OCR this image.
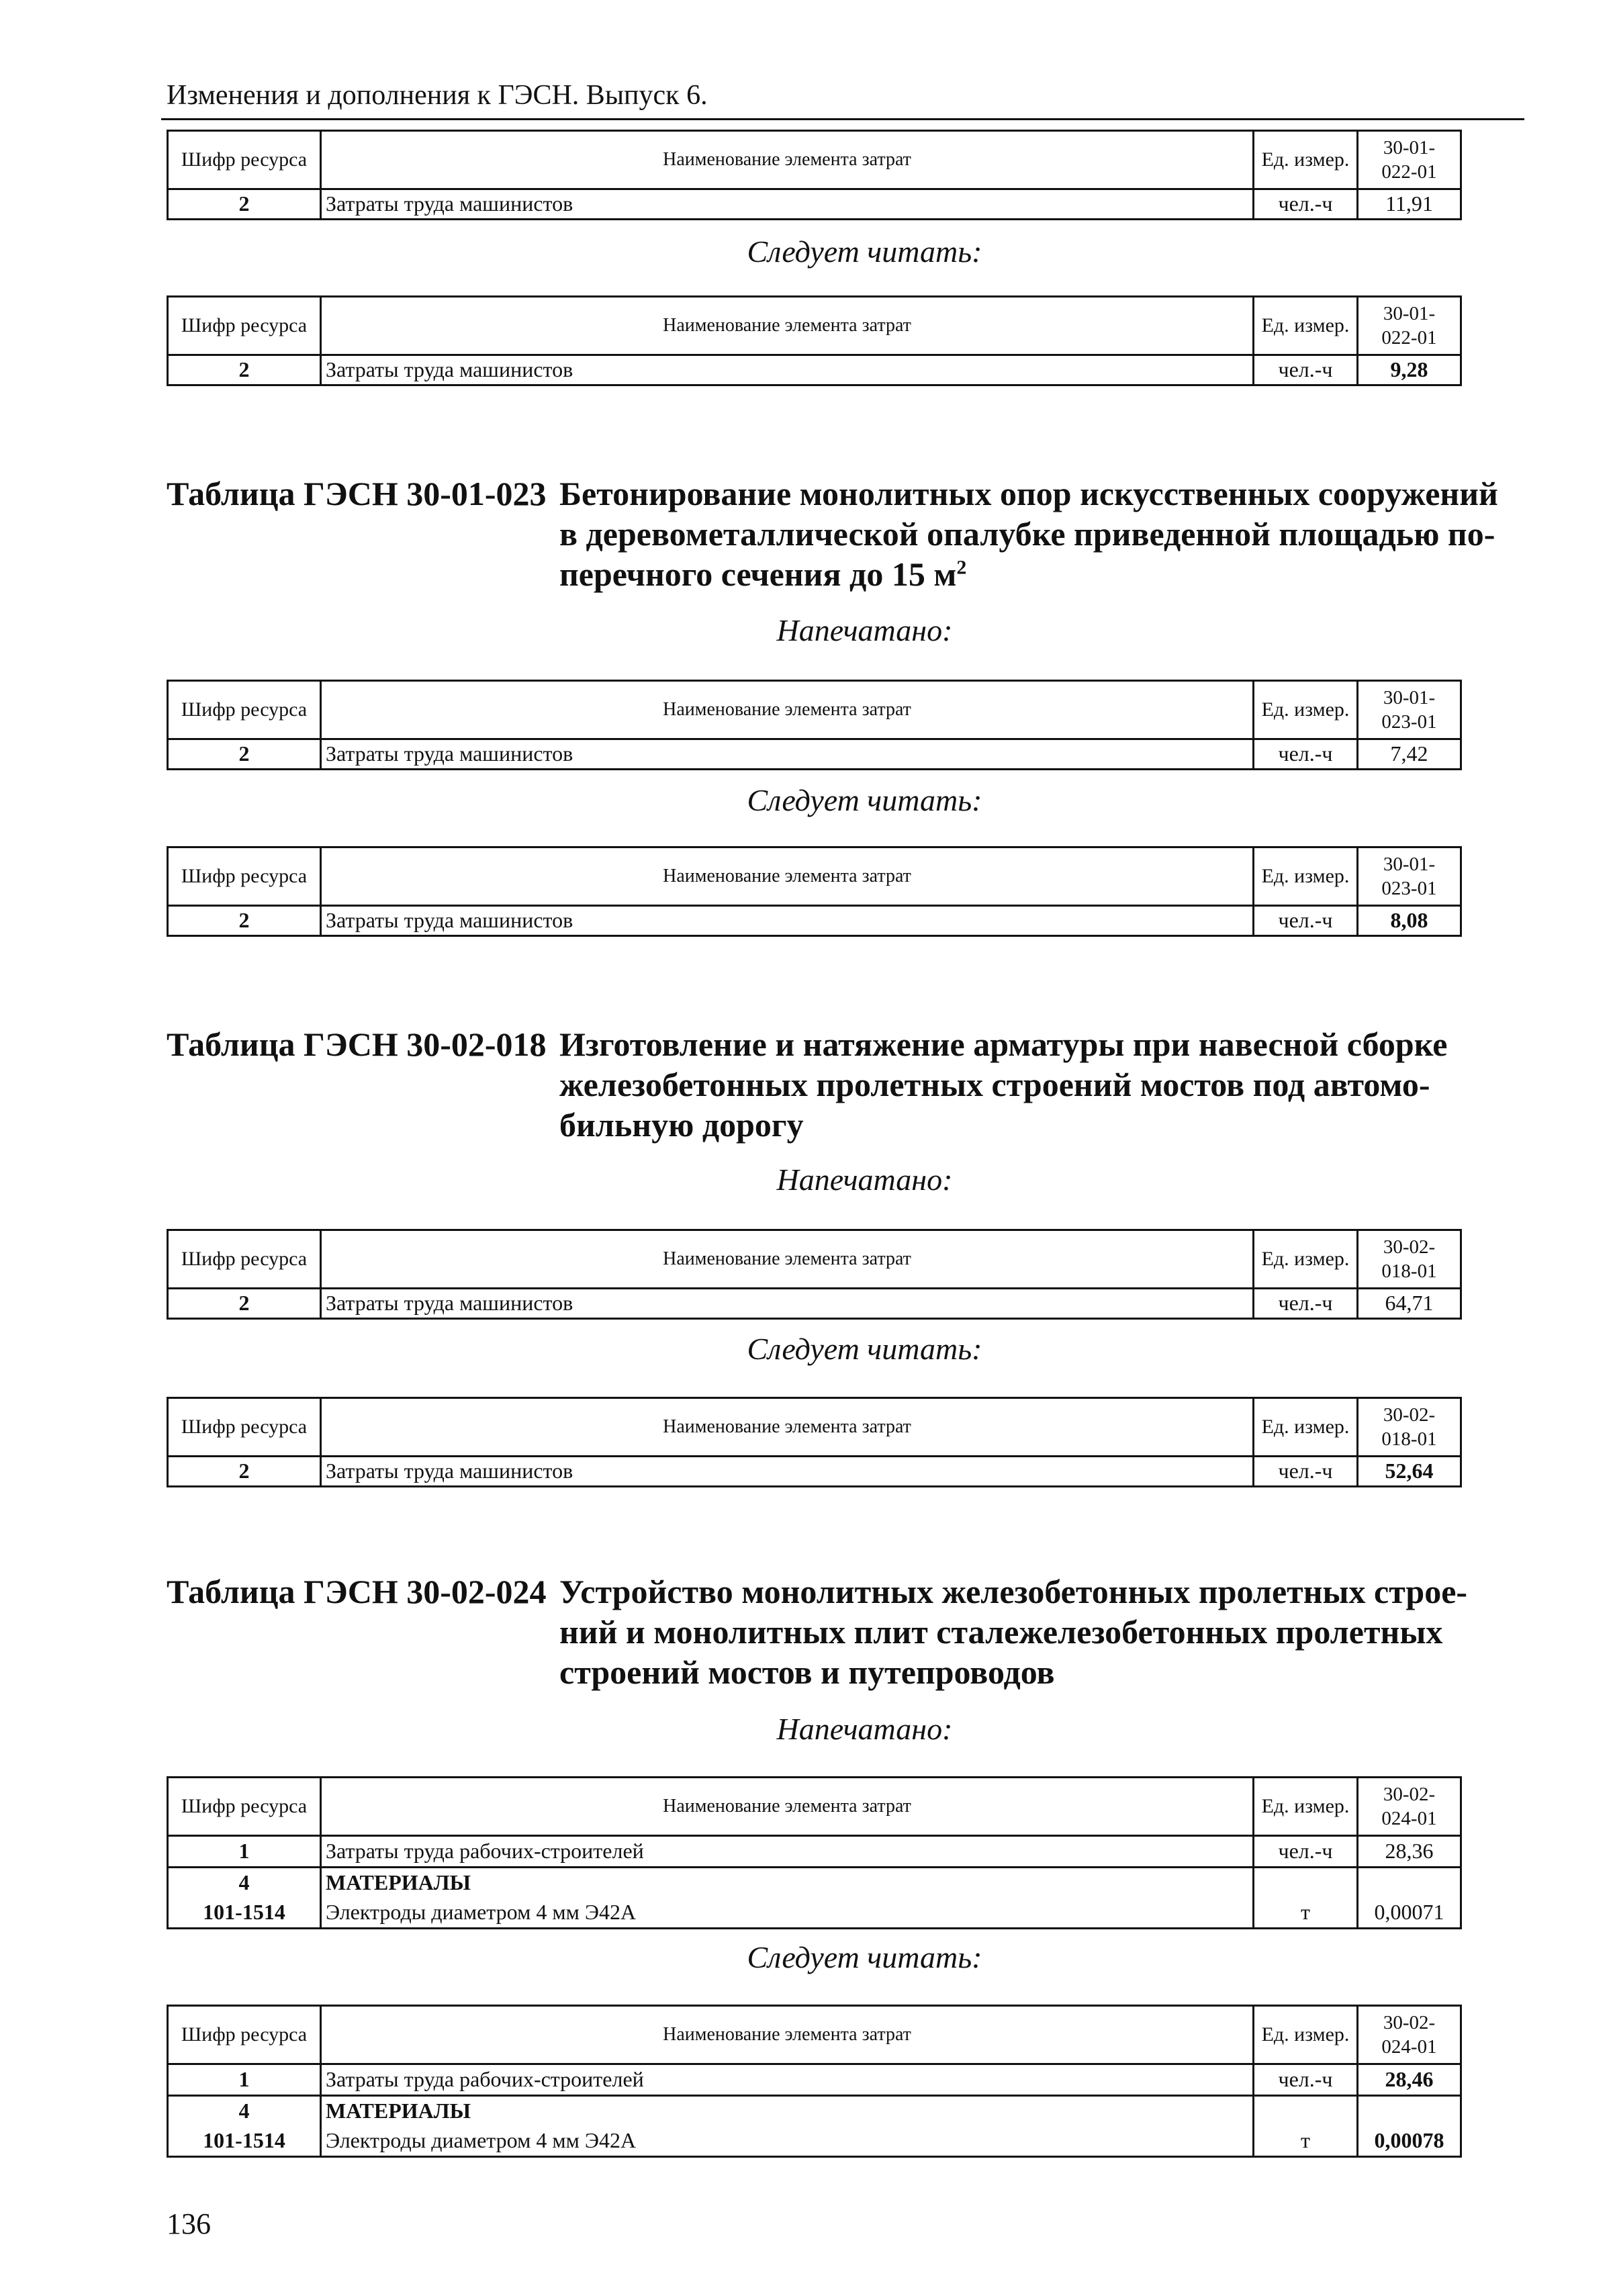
Изменения и дополнения к ГЭСН. Выпуск 6.
Шифр ресурса	Наименование элемента затрат	Ед. измер.	30-01-
022-01
2	Затраты труда машинистов	чел.-ч	11,91
Следует читать:
Шифр ресурса	Наименование элемента затрат	Ед. измер.	30-01-
022-01
2	Затраты труда машинистов	чел.-ч	9,28
Таблица ГЭСН 30-01-023 Бетонирование монолитных опор искусственных сооружений
в деревометаллической опалубке приведенной площадью по-
перечного сечения до 15 $м^2$
Напечатано:
Шифр ресурса	Наименование элемента затрат	Ед. измер.	30-01-
023-01
2	Затраты труда машинистов	чел.-ч	7,42
Следует читать:
Шифр ресурса	Наименование элемента затрат	Ед. измер.	30-01-
023-01
2	Затраты труда машинистов	чел.-ч	8,08
Таблица ГЭСН 30-02-018 Изготовление и натяжение арматуры при навесной сборке
железобетонных пролетных строений мостов под автомо-
бильную дорогу
Напечатано:
Шифр ресурса	Наименование элемента затрат	Ед. измер.	30-02-
018-01
2	Затраты труда машинистов	чел.-ч	64,71
Следует читать:
Шифр ресурса	Наименование элемента затрат	Ед. измер.	30-02-
018-01
2	Затраты труда машинистов	чел.-ч	52,64
Таблица ГЭСН 30-02-024 Устройство монолитных железобетонных пролетных строе-
ний и монолитных плит сталежелезобетонных пролетных
строений мостов и путепроводов
Напечатано:
Шифр ресурса	Наименование элемента затрат	Ед. измер.	30-02-
024-01
1	Затраты труда рабочих-строителей	чел.-ч	28,36
4	МАТЕРИАЛЫ		
101-1514	Электроды диаметром 4 мм Э42А	т	0,00071
Следует читать:
Шифр ресурса	Наименование элемента затрат	Ед. измер.	30-02-
024-01
1	Затраты труда рабочих-строителей	чел.-ч	28,46
4	МАТЕРИАЛЫ		
101-1514	Электроды диаметром 4 мм Э42А	т	0,00078
136
